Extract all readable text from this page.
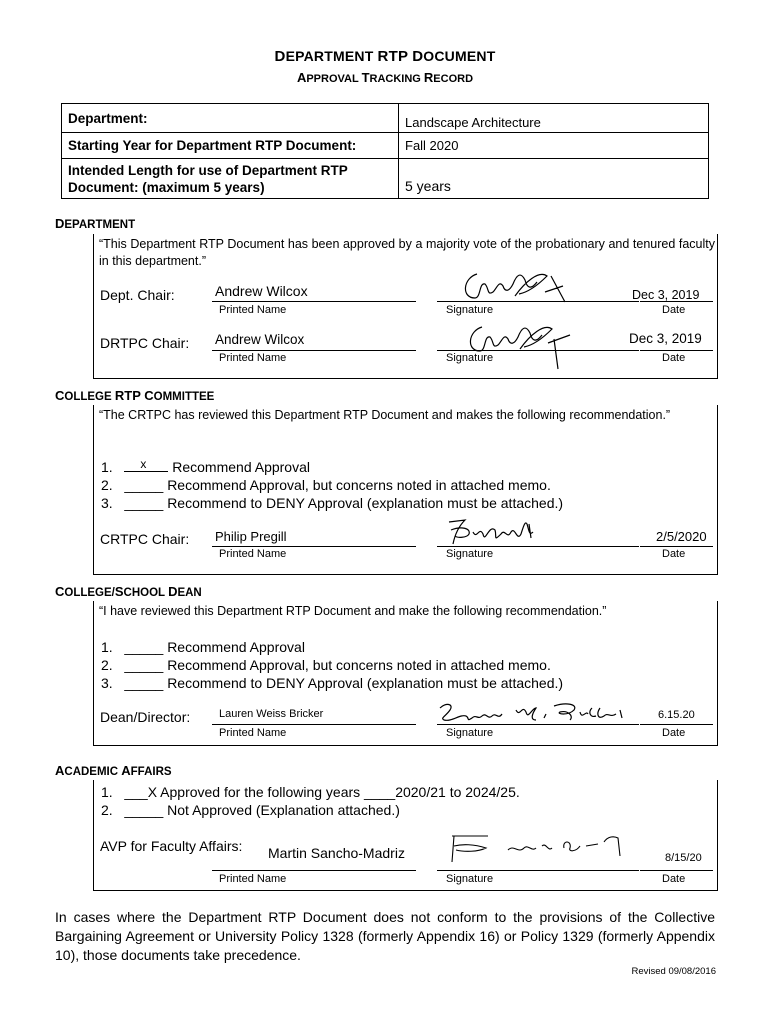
DEPARTMENT RTP DOCUMENT
APPROVAL TRACKING RECORD
Department:	Landscape Architecture
Starting Year for Department RTP Document:	Fall 2020
Intended Length for use of Department RTP Document: (maximum 5 years)	5 years
DEPARTMENT
“This Department RTP Document has been approved by a majority vote of the probationary and tenured faculty in this department.”
Dept. Chair:	Andrew Wilcox
Printed Name	Signature
Dec 3, 2019
Date
DRTPC Chair: Andrew Wilcox
Printed Name	Signature
Dec 3, 2019
Date
COLLEGE RTP COMMITTEE
“The CRTPC has reviewed this Department RTP Document and makes the following recommendation.”
1. x Recommend Approval
2. _____ Recommend Approval, but concerns noted in attached memo.
3. _____ Recommend to DENY Approval (explanation must be attached.)
CRTPC Chair: Philip Pregill
Printed Name	Signature
2/5/2020
Date
COLLEGE/SCHOOL DEAN
“I have reviewed this Department RTP Document and make the following recommendation.”
1. _____ Recommend Approval
2. _____ Recommend Approval, but concerns noted in attached memo.
3. _____ Recommend to DENY Approval (explanation must be attached.)
Dean/Director:	Lauren Weiss Bricker
Printed Name	Signature
6.15.20
Date
ACADEMIC AFFAIRS
1.   ___X Approved for the following years ____2020/21 to 2024/25.
2.   _____ Not Approved (Explanation attached.)
AVP for Faculty Affairs: Martin Sancho-Madriz
Printed Name	Signature
8/15/20
Date
In cases where the Department RTP Document does not conform to the provisions of the Collective Bargaining Agreement or University Policy 1328 (formerly Appendix 16) or Policy 1329 (formerly Appendix 10), those documents take precedence.
Revised 09/08/2016
